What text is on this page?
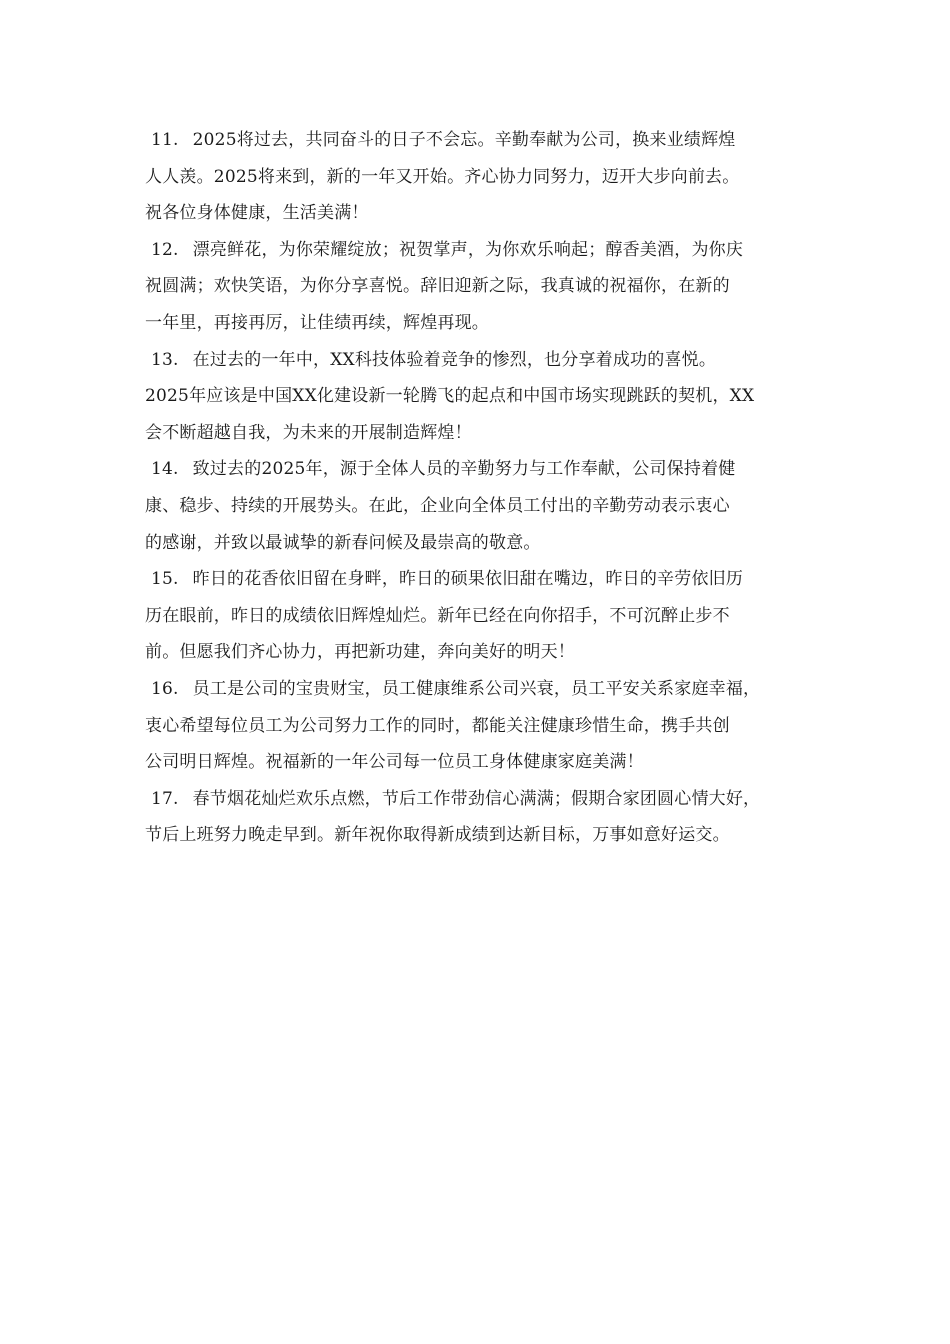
11. 2025将过去，共同奋斗的日子不会忘。辛勤奉献为公司，换来业绩辉煌
人人羡。2025将来到，新的一年又开始。齐心协力同努力，迈开大步向前去。
祝各位身体健康，生活美满！
12. 漂亮鲜花，为你荣耀绽放；祝贺掌声，为你欢乐响起；醇香美酒，为你庆
祝圆满；欢快笑语，为你分享喜悦。辞旧迎新之际，我真诚的祝福你，在新的
一年里，再接再厉，让佳绩再续，辉煌再现。
13. 在过去的一年中，XX科技体验着竞争的惨烈，也分享着成功的喜悦。
2025年应该是中国XX化建设新一轮腾飞的起点和中国市场实现跳跃的契机，XX
会不断超越自我，为未来的开展制造辉煌！
14. 致过去的2025年，源于全体人员的辛勤努力与工作奉献，公司保持着健
康、稳步、持续的开展势头。在此，企业向全体员工付出的辛勤劳动表示衷心
的感谢，并致以最诚挚的新春问候及最崇高的敬意。
15. 昨日的花香依旧留在身畔，昨日的硕果依旧甜在嘴边，昨日的辛劳依旧历
历在眼前，昨日的成绩依旧辉煌灿烂。新年已经在向你招手，不可沉醉止步不
前。但愿我们齐心协力，再把新功建，奔向美好的明天！
16. 员工是公司的宝贵财宝，员工健康维系公司兴衰，员工平安关系家庭幸福，
衷心希望每位员工为公司努力工作的同时，都能关注健康珍惜生命，携手共创
公司明日辉煌。祝福新的一年公司每一位员工身体健康家庭美满！
17. 春节烟花灿烂欢乐点燃，节后工作带劲信心满满；假期合家团圆心情大好，
节后上班努力晚走早到。新年祝你取得新成绩到达新目标，万事如意好运交。
